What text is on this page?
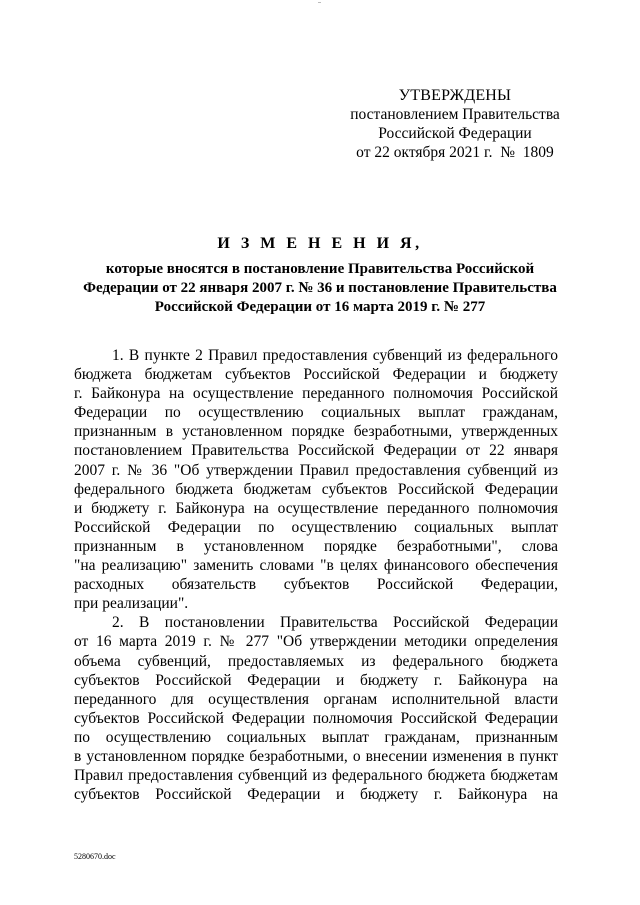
УТВЕРЖДЕНЫ
постановлением Правительства
Российской Федерации
от 22 октября 2021 г.  №  1809
И З М Е Н Е Н И Я,
которые вносятся в постановление Правительства Российской
Федерации от 22 января 2007 г. № 36 и постановление Правительства
Российской Федерации от 16 марта 2019 г. № 277
1. В пункте 2 Правил предоставления субвенций из федерального
бюджета бюджетам субъектов Российской Федерации и бюджету
г. Байконура на осуществление переданного полномочия Российской
Федерации по осуществлению социальных выплат гражданам,
признанным в установленном порядке безработными, утвержденных
постановлением Правительства Российской Федерации от 22 января
2007 г. № 36 "Об утверждении Правил предоставления субвенций из
федерального бюджета бюджетам субъектов Российской Федерации
и бюджету г. Байконура на осуществление переданного полномочия
Российской Федерации по осуществлению социальных выплат
признанным в установленном порядке безработными", слова
"на реализацию" заменить словами "в целях финансового обеспечения
расходных обязательств субъектов Российской Федерации,
при реализации".
2. В постановлении Правительства Российской Федерации
от 16 марта 2019 г. № 277 "Об утверждении методики определения
объема субвенций, предоставляемых из федерального бюджета
субъектов Российской Федерации и бюджету г. Байконура на
переданного для осуществления органам исполнительной власти
субъектов Российской Федерации полномочия Российской Федерации
по осуществлению социальных выплат гражданам, признанным
в установленном порядке безработными, о внесении изменения в пункт
Правил предоставления субвенций из федерального бюджета бюджетам
субъектов Российской Федерации и бюджету г. Байконура на
5280670.doc
